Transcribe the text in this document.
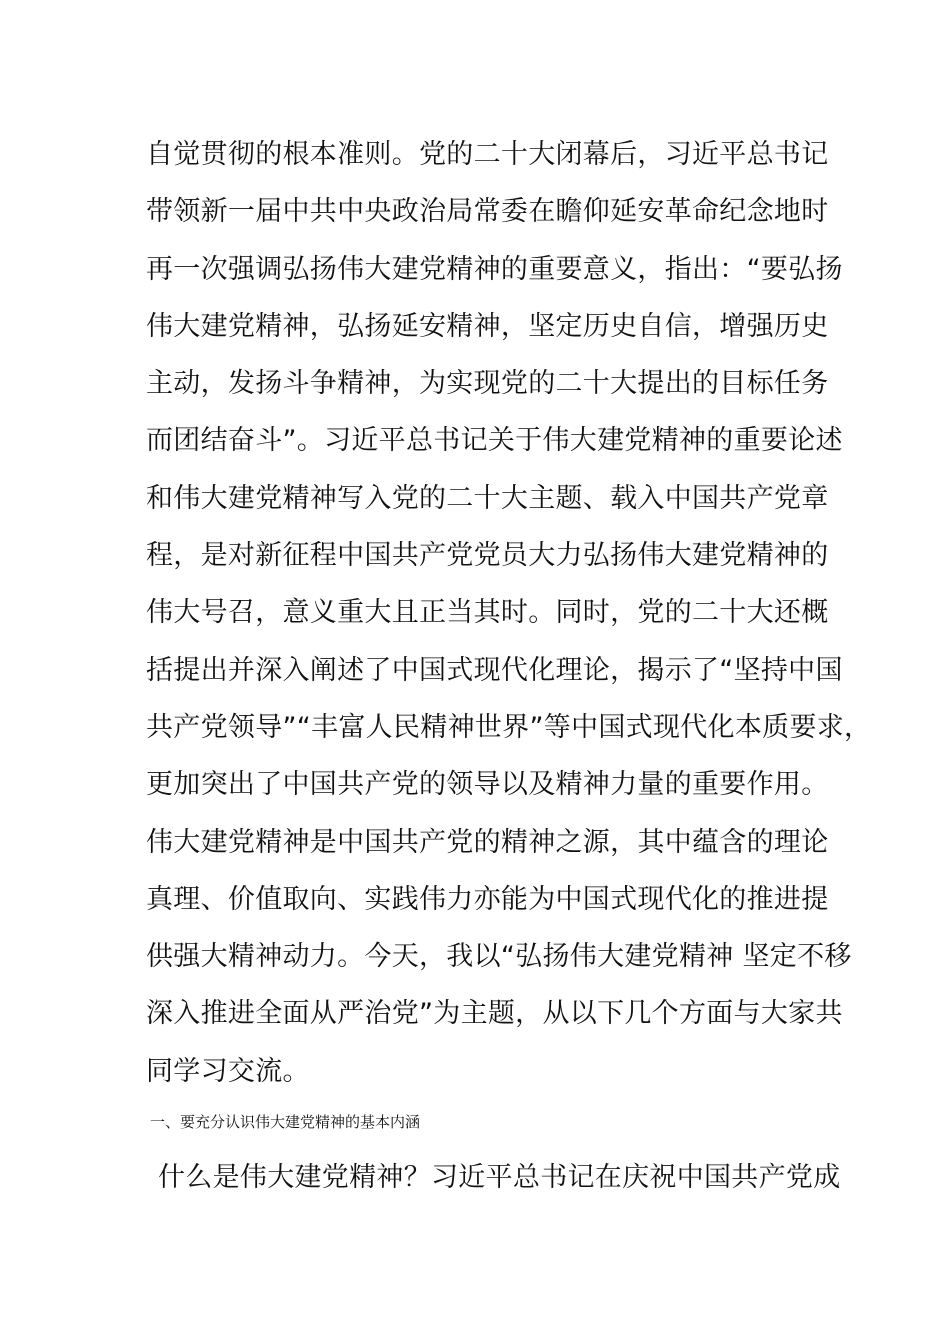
自觉贯彻的根本准则。党的二十大闭幕后，习近平总书记
带领新一届中共中央政治局常委在瞻仰延安革命纪念地时
再一次强调弘扬伟大建党精神的重要意义，指出：“要弘扬
伟大建党精神，弘扬延安精神，坚定历史自信，增强历史
主动，发扬斗争精神，为实现党的二十大提出的目标任务
而团结奋斗”。习近平总书记关于伟大建党精神的重要论述
和伟大建党精神写入党的二十大主题、载入中国共产党章
程，是对新征程中国共产党党员大力弘扬伟大建党精神的
伟大号召，意义重大且正当其时。同时，党的二十大还概
括提出并深入阐述了中国式现代化理论，揭示了“坚持中国
共产党领导”“丰富人民精神世界”等中国式现代化本质要求，
更加突出了中国共产党的领导以及精神力量的重要作用。
伟大建党精神是中国共产党的精神之源，其中蕴含的理论
真理、价值取向、实践伟力亦能为中国式现代化的推进提
供强大精神动力。今天，我以“弘扬伟大建党精神 坚定不移
深入推进全面从严治党”为主题，从以下几个方面与大家共
同学习交流。
一、要充分认识伟大建党精神的基本内涵
什么是伟大建党精神？习近平总书记在庆祝中国共产党成
